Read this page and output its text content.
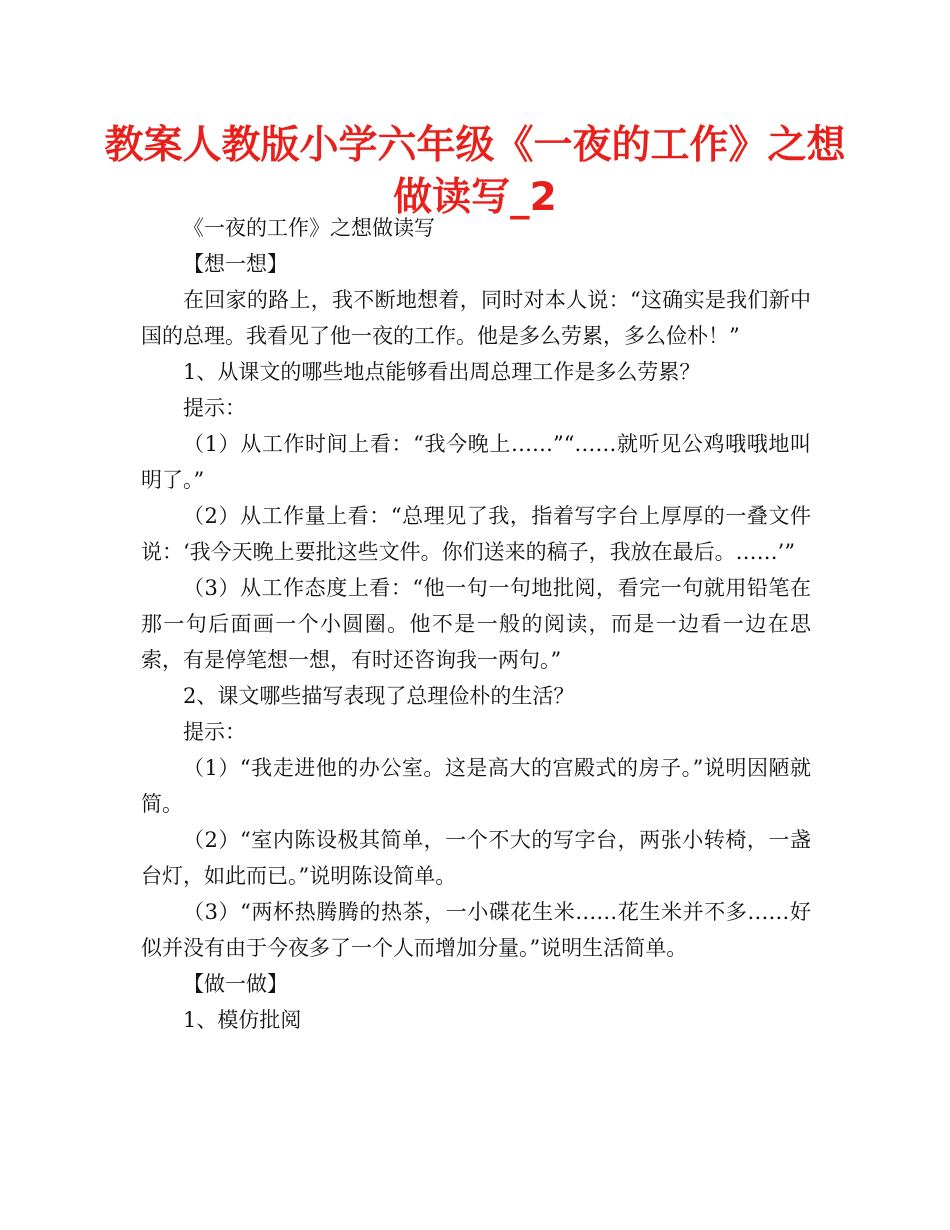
教案人教版小学六年级《一夜的工作》之想做读写_2

《一夜的工作》之想做读写

【想一想】

在回家的路上，我不断地想着，同时对本人说：“这确实是我们新中国的总理。我看见了他一夜的工作。他是多么劳累，多么俭朴！”

1、从课文的哪些地点能够看出周总理工作是多么劳累？

提示：

（1）从工作时间上看：“我今晚上……”“……就听见公鸡哦哦地叫明了。”

（2）从工作量上看：“总理见了我，指着写字台上厚厚的一叠文件说：‘我今天晚上要批这些文件。你们送来的稿子，我放在最后。……’”

（3）从工作态度上看：“他一句一句地批阅，看完一句就用铅笔在那一句后面画一个小圆圈。他不是一般的阅读，而是一边看一边在思索，有是停笔想一想，有时还咨询我一两句。”

2、课文哪些描写表现了总理俭朴的生活？

提示：

（1）“我走进他的办公室。这是高大的宫殿式的房子。”说明因陋就简。

（2）“室内陈设极其简单，一个不大的写字台，两张小转椅，一盏台灯，如此而已。”说明陈设简单。

（3）“两杯热腾腾的热茶，一小碟花生米……花生米并不多……好似并没有由于今夜多了一个人而增加分量。”说明生活简单。

【做一做】

1、模仿批阅
